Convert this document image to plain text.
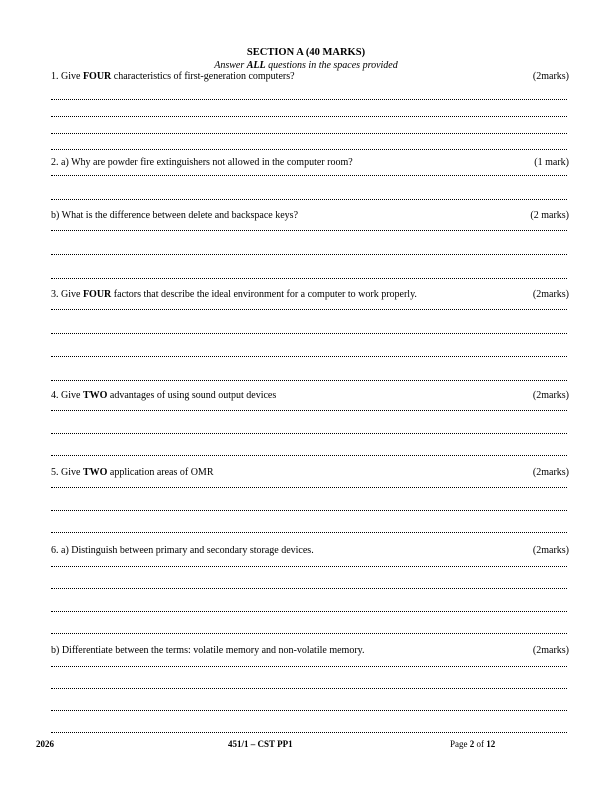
SECTION A (40 MARKS)
Answer ALL questions in the spaces provided
1. Give FOUR characteristics of first-generation computers?	(2marks)
2. a) Why are powder fire extinguishers not allowed in the computer room?	(1 mark)
b) What is the difference between delete and backspace keys?	(2 marks)
3. Give FOUR factors that describe the ideal environment for a computer to work properly.	(2marks)
4. Give TWO advantages of using sound output devices	(2marks)
5. Give TWO application areas of OMR	(2marks)
6. a) Distinguish between primary and secondary storage devices.	(2marks)
b) Differentiate between the terms: volatile memory and non-volatile memory.	(2marks)
2026	451/1 – CST PP1	Page 2 of 12
